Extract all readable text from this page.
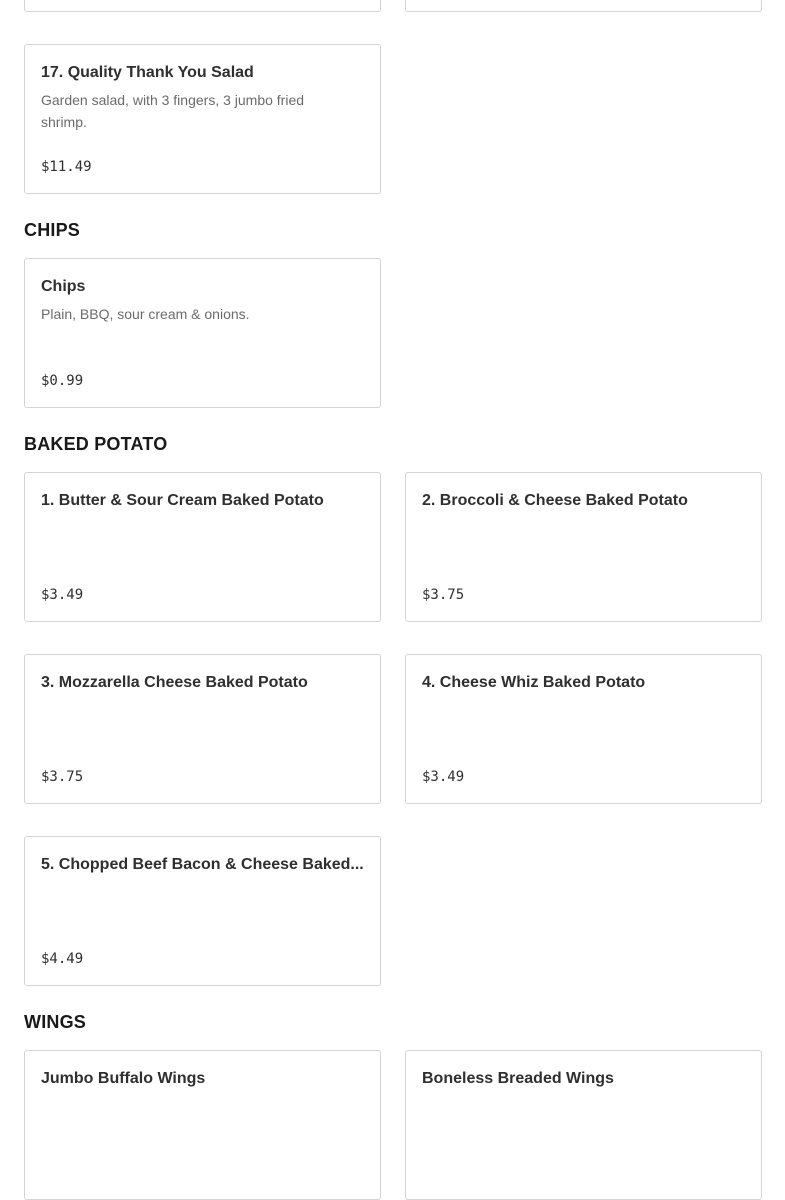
17. Quality Thank You Salad
Garden salad, with 3 fingers, 3 jumbo fried shrimp.
$11.49
CHIPS
Chips
Plain, BBQ, sour cream & onions.
$0.99
BAKED POTATO
1. Butter & Sour Cream Baked Potato
$3.49
2. Broccoli & Cheese Baked Potato
$3.75
3. Mozzarella Cheese Baked Potato
$3.75
4. Cheese Whiz Baked Potato
$3.49
5. Chopped Beef Bacon & Cheese Baked...
$4.49
WINGS
Jumbo Buffalo Wings	Boneless Breaded Wings
